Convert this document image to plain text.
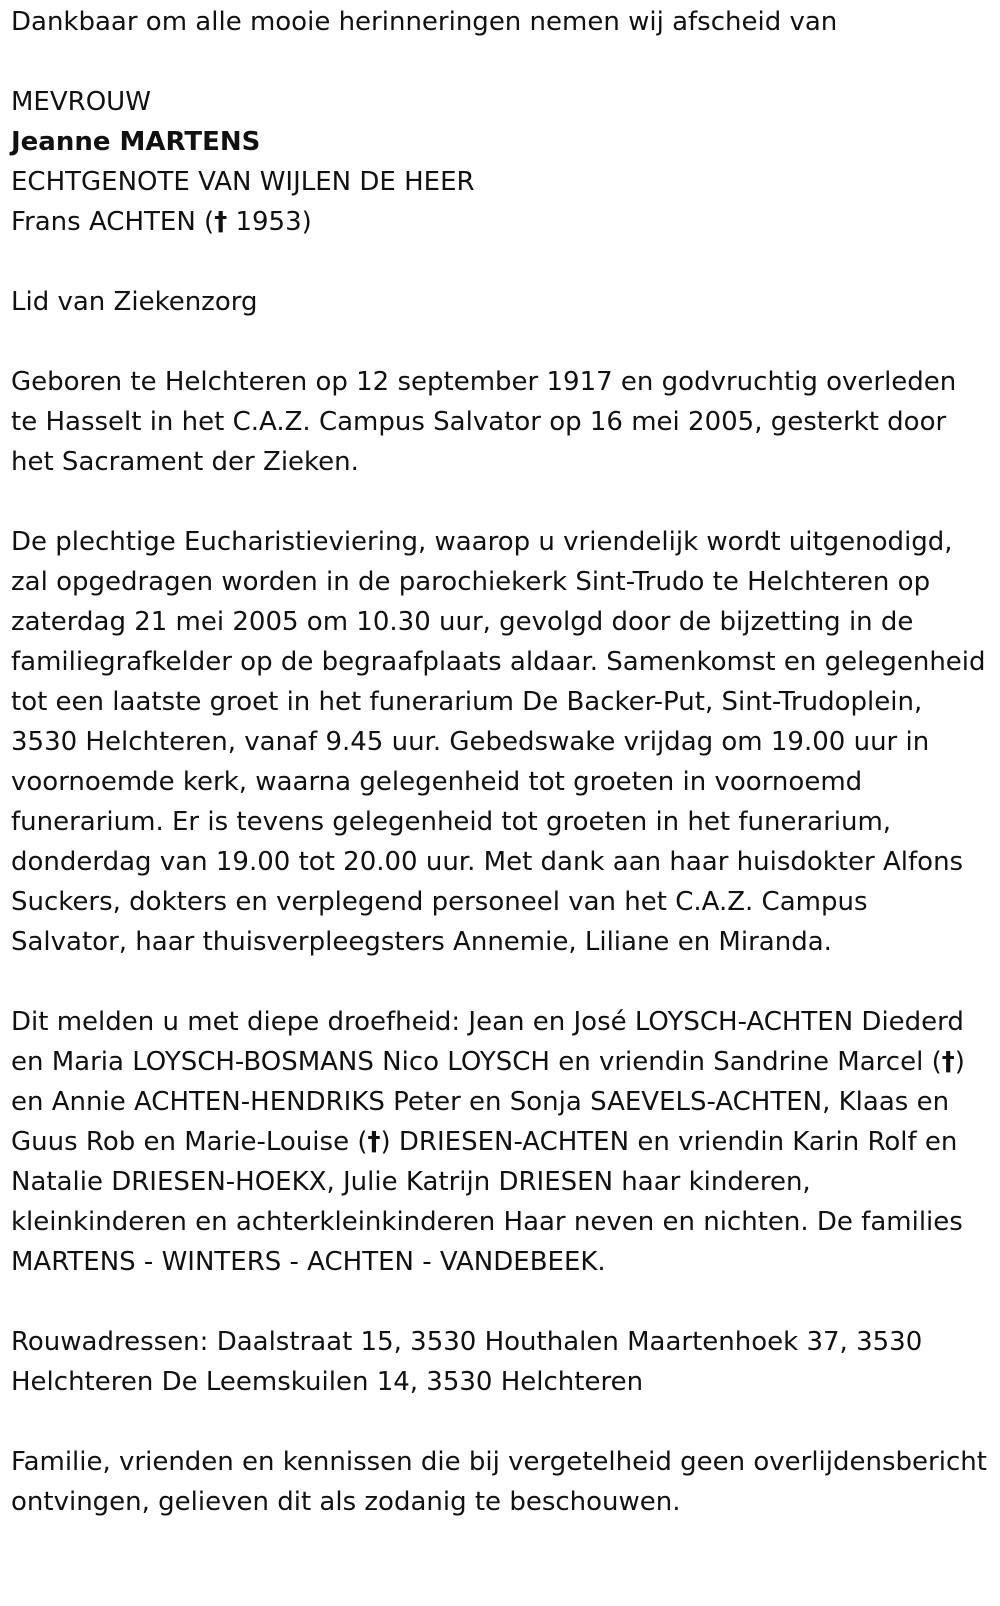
Dankbaar om alle mooie herinneringen nemen wij afscheid van

MEVROUW
Jeanne MARTENS
ECHTGENOTE VAN WIJLEN DE HEER
Frans ACHTEN († 1953)

Lid van Ziekenzorg

Geboren te Helchteren op 12 september 1917 en godvruchtig overleden te Hasselt in het C.A.Z. Campus Salvator op 16 mei 2005, gesterkt door het Sacrament der Zieken.

De plechtige Eucharistieviering, waarop u vriendelijk wordt uitgenodigd, zal opgedragen worden in de parochiekerk Sint-Trudo te Helchteren op zaterdag 21 mei 2005 om 10.30 uur, gevolgd door de bijzetting in de familiegrafkelder op de begraafplaats aldaar. Samenkomst en gelegenheid tot een laatste groet in het funerarium De Backer-Put, Sint-Trudoplein, 3530 Helchteren, vanaf 9.45 uur. Gebedswake vrijdag om 19.00 uur in voornoemde kerk, waarna gelegenheid tot groeten in voornoemd funerarium. Er is tevens gelegenheid tot groeten in het funerarium, donderdag van 19.00 tot 20.00 uur. Met dank aan haar huisdokter Alfons Suckers, dokters en verplegend personeel van het C.A.Z. Campus Salvator, haar thuisverpleegsters Annemie, Liliane en Miranda.

Dit melden u met diepe droefheid: Jean en José LOYSCH-ACHTEN Diederd en Maria LOYSCH-BOSMANS Nico LOYSCH en vriendin Sandrine Marcel (†) en Annie ACHTEN-HENDRIKS Peter en Sonja SAEVELS-ACHTEN, Klaas en Guus Rob en Marie-Louise (†) DRIESEN-ACHTEN en vriendin Karin Rolf en Natalie DRIESEN-HOEKX, Julie Katrijn DRIESEN haar kinderen, kleinkinderen en achterkleinkinderen Haar neven en nichten. De families MARTENS - WINTERS - ACHTEN - VANDEBEEK.

Rouwadressen: Daalstraat 15, 3530 Houthalen Maartenhoek 37, 3530 Helchteren De Leemskuilen 14, 3530 Helchteren

Familie, vrienden en kennissen die bij vergetelheid geen overlijdensbericht ontvingen, gelieven dit als zodanig te beschouwen.
